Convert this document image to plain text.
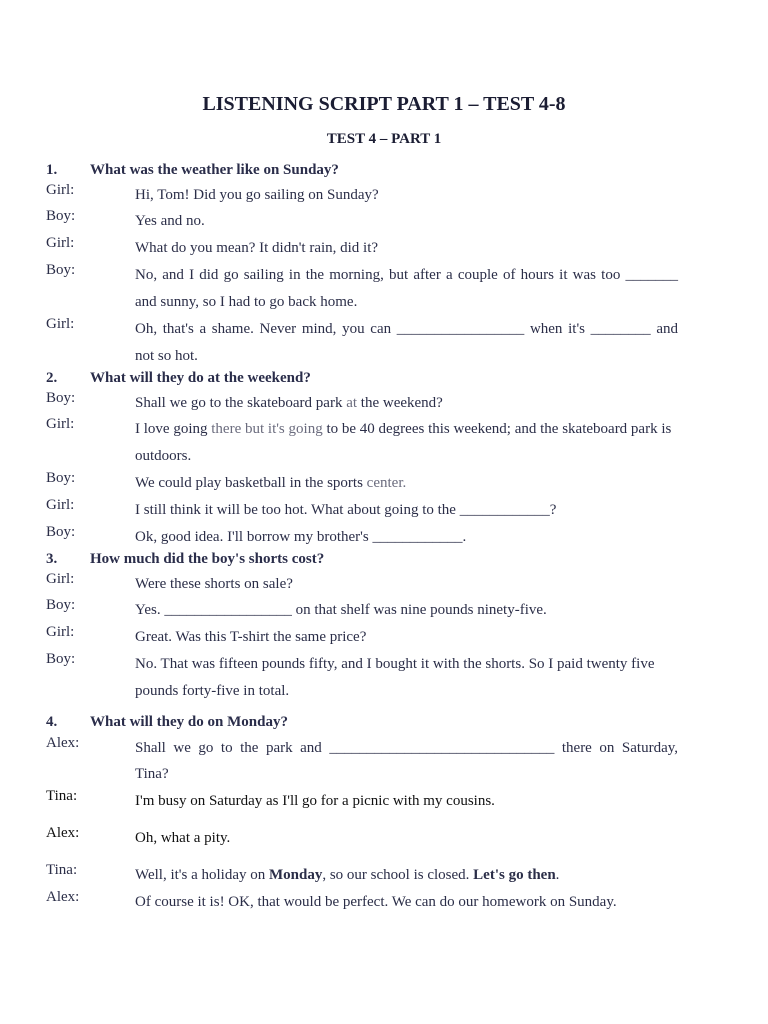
LISTENING SCRIPT PART 1 – TEST 4-8
TEST 4 – PART 1
1. What was the weather like on Sunday?
Girl:	Hi, Tom! Did you go sailing on Sunday?
Boy:	Yes and no.
Girl:	What do you mean? It didn't rain, did it?
Boy:	No, and I did go sailing in the morning, but after a couple of hours it was too _______
and sunny, so I had to go back home.
Girl:	Oh, that's a shame. Never mind, you can _________________ when it's ________ and
not so hot.
2. What will they do at the weekend?
Boy:	Shall we go to the skateboard park at the weekend?
Girl:	I love going there but it's going to be 40 degrees this weekend; and the skateboard park is
outdoors.
Boy:	We could play basketball in the sports center.
Girl:	I still think it will be too hot. What about going to the ____________?
Boy:	Ok, good idea. I'll borrow my brother's ____________.
3. How much did the boy's shorts cost?
Girl:	Were these shorts on sale?
Boy:	Yes. _________________ on that shelf was nine pounds ninety-five.
Girl:	Great. Was this T-shirt the same price?
Boy:	No. That was fifteen pounds fifty, and I bought it with the shorts. So I paid twenty five
pounds forty-five in total.
4. What will they do on Monday?
Alex:	Shall we go to the park and ______________________________ there on Saturday,
Tina?
Tina:	I'm busy on Saturday as I'll go for a picnic with my cousins.
Alex:	Oh, what a pity.
Tina:	Well, it's a holiday on Monday, so our school is closed. Let's go then.
Alex:	Of course it is! OK, that would be perfect. We can do our homework on Sunday.
